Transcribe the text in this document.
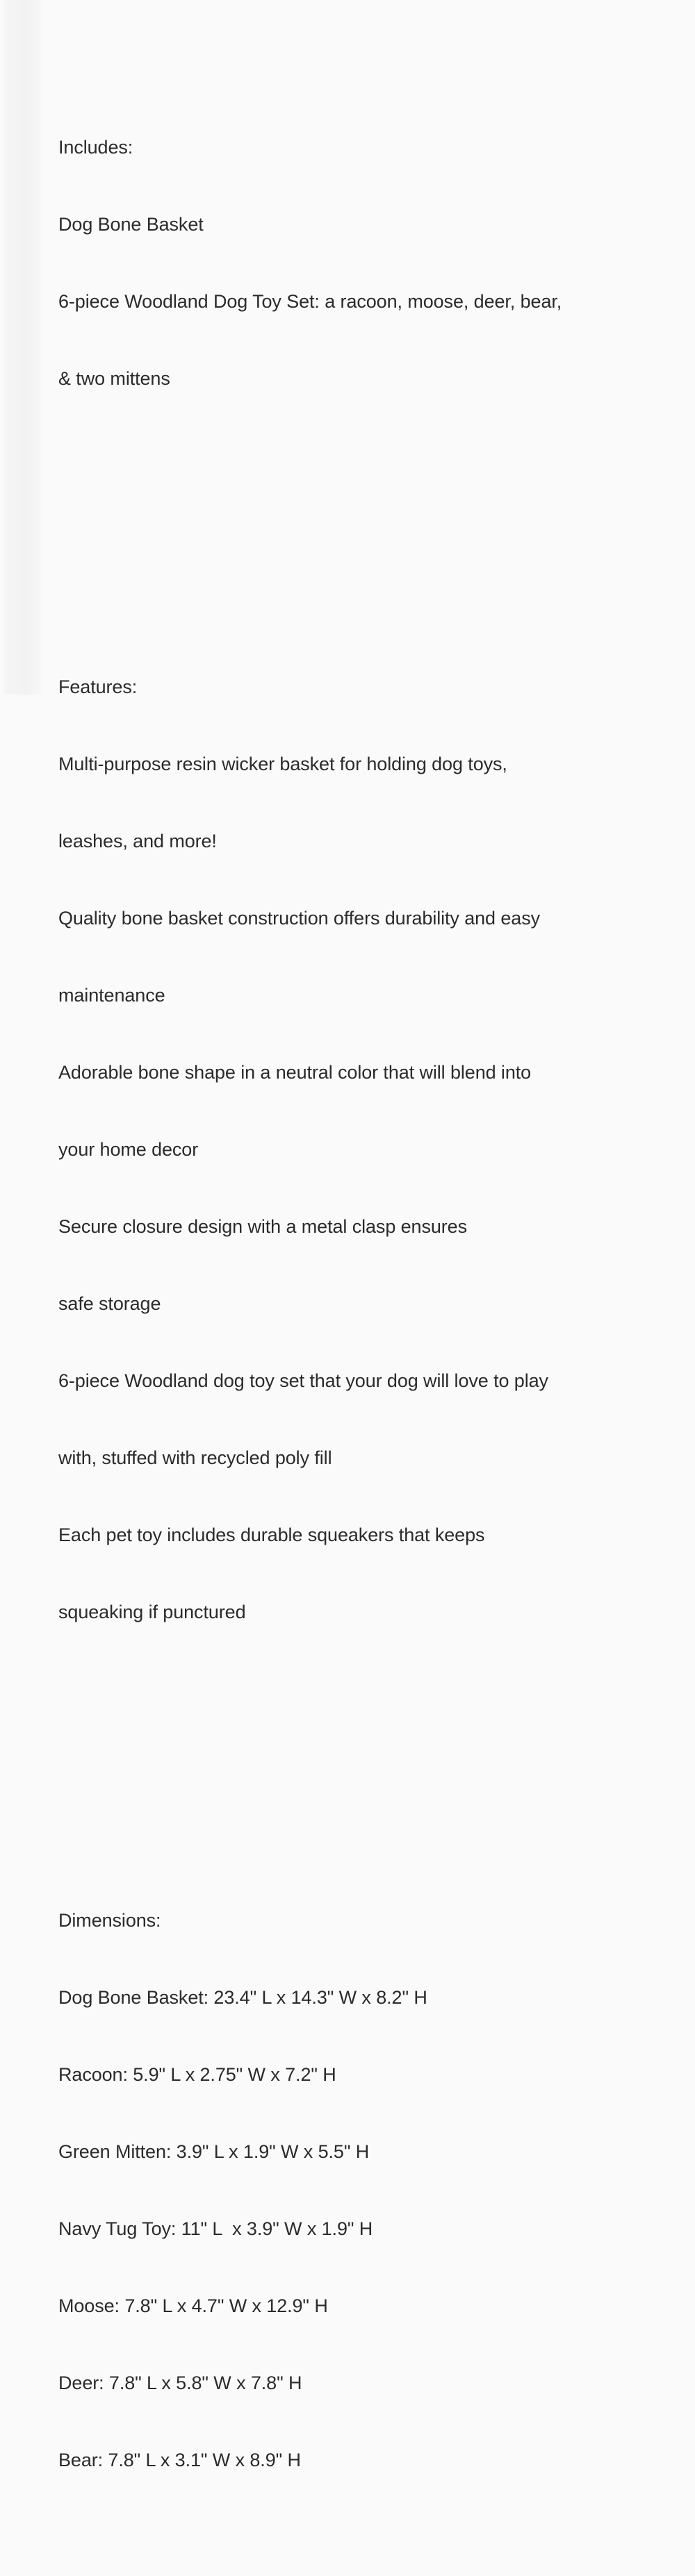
Includes:

Dog Bone Basket

6-piece Woodland Dog Toy Set: a racoon, moose, deer, bear,

& two mittens

Features:

Multi-purpose resin wicker basket for holding dog toys,

leashes, and more!

Quality bone basket construction offers durability and easy

maintenance

Adorable bone shape in a neutral color that will blend into

your home decor

Secure closure design with a metal clasp ensures

safe storage

6-piece Woodland dog toy set that your dog will love to play

with, stuffed with recycled poly fill

Each pet toy includes durable squeakers that keeps

squeaking if punctured

Dimensions:

Dog Bone Basket: 23.4" L x 14.3" W x 8.2" H

Racoon: 5.9" L x 2.75" W x 7.2" H

Green Mitten: 3.9" L x 1.9" W x 5.5" H

Navy Tug Toy: 11" L  x 3.9" W x 1.9" H

Moose: 7.8" L x 4.7" W x 12.9" H

Deer: 7.8" L x 5.8" W x 7.8" H

Bear: 7.8" L x 3.1" W x 8.9" H
